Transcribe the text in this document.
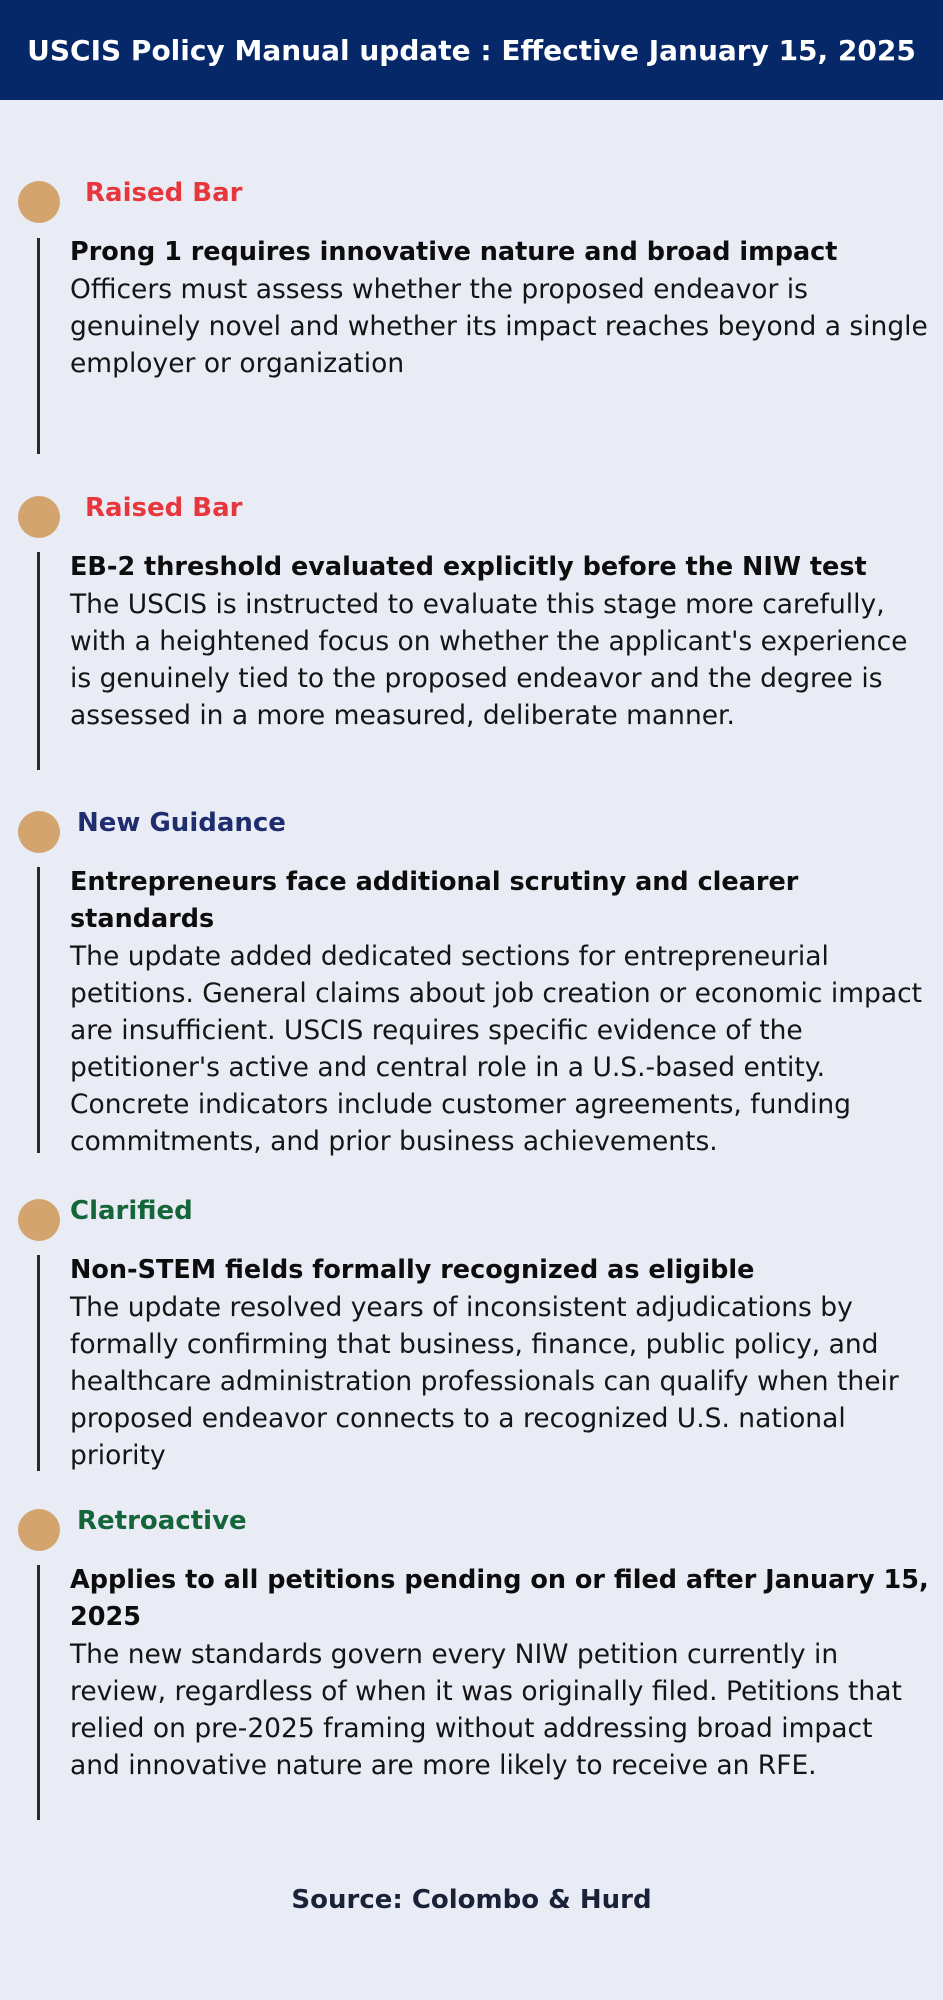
USCIS Policy Manual update : Effective January 15, 2025
Raised Bar
Prong 1 requires innovative nature and broad impact
Officers must assess whether the proposed endeavor is genuinely novel and whether its impact reaches beyond a single employer or organization
Raised Bar
EB-2 threshold evaluated explicitly before the NIW test
The USCIS is instructed to evaluate this stage more carefully, with a heightened focus on whether the applicant's experience is genuinely tied to the proposed endeavor and the degree is assessed in a more measured, deliberate manner.
New Guidance
Entrepreneurs face additional scrutiny and clearer standards
The update added dedicated sections for entrepreneurial petitions. General claims about job creation or economic impact are insufficient. USCIS requires specific evidence of the petitioner's active and central role in a U.S.-based entity. Concrete indicators include customer agreements, funding commitments, and prior business achievements.
Clarified
Non-STEM fields formally recognized as eligible
The update resolved years of inconsistent adjudications by formally confirming that business, finance, public policy, and healthcare administration professionals can qualify when their proposed endeavor connects to a recognized U.S. national priority
Retroactive
Applies to all petitions pending on or filed after January 15, 2025
The new standards govern every NIW petition currently in review, regardless of when it was originally filed. Petitions that relied on pre-2025 framing without addressing broad impact and innovative nature are more likely to receive an RFE.
Source: Colombo & Hurd
